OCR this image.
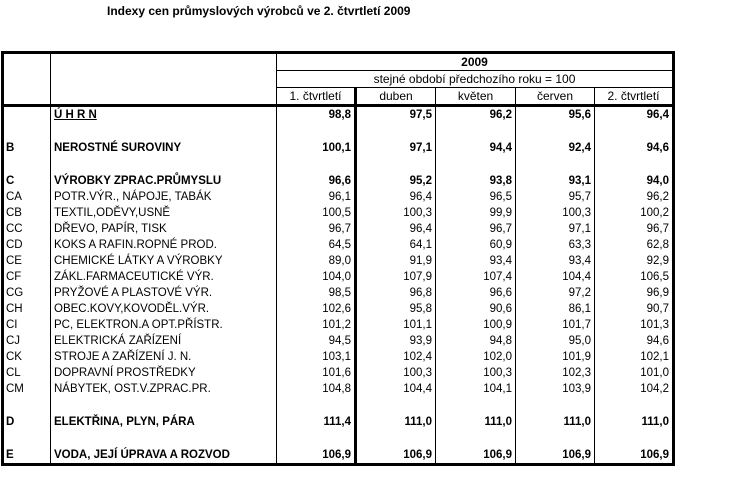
Indexy cen průmyslových výrobců ve 2. čtvrtletí 2009
		2009				
		stejné období předchozího roku = 100				
		1. čtvrtletí	duben	květen	červen	2. čtvrtletí
	Ú H R N	98,8	97,5	96,2	95,6	96,4
B	NEROSTNÉ SUROVINY	100,1	97,1	94,4	92,4	94,6
C	VÝROBKY ZPRAC.PRŮMYSLU	96,6	95,2	93,8	93,1	94,0
CA	POTR.VÝR., NÁPOJE, TABÁK	96,1	96,4	96,5	95,7	96,2
CB	TEXTIL,ODĚVY,USNĚ	100,5	100,3	99,9	100,3	100,2
CC	DŘEVO, PAPÍR, TISK	96,7	96,4	96,7	97,1	96,7
CD	KOKS A RAFIN.ROPNÉ PROD.	64,5	64,1	60,9	63,3	62,8
CE	CHEMICKÉ LÁTKY A VÝROBKY	89,0	91,9	93,4	93,4	92,9
CF	ZÁKL.FARMACEUTICKÉ VÝR.	104,0	107,9	107,4	104,4	106,5
CG	PRYŽOVÉ A PLASTOVÉ VÝR.	98,5	96,8	96,6	97,2	96,9
CH	OBEC.KOVY,KOVODĚL.VÝR.	102,6	95,8	90,6	86,1	90,7
CI	PC, ELEKTRON.A OPT.PŘÍSTR.	101,2	101,1	100,9	101,7	101,3
CJ	ELEKTRICKÁ ZAŘÍZENÍ	94,5	93,9	94,8	95,0	94,6
CK	STROJE A ZAŘÍZENÍ J. N.	103,1	102,4	102,0	101,9	102,1
CL	DOPRAVNÍ PROSTŘEDKY	101,6	100,3	100,3	102,3	101,0
CM	NÁBYTEK, OST.V.ZPRAC.PR.	104,8	104,4	104,1	103,9	104,2
D	ELEKTŘINA, PLYN, PÁRA	111,4	111,0	111,0	111,0	111,0
E	VODA, JEJÍ ÚPRAVA A ROZVOD	106,9	106,9	106,9	106,9	106,9
